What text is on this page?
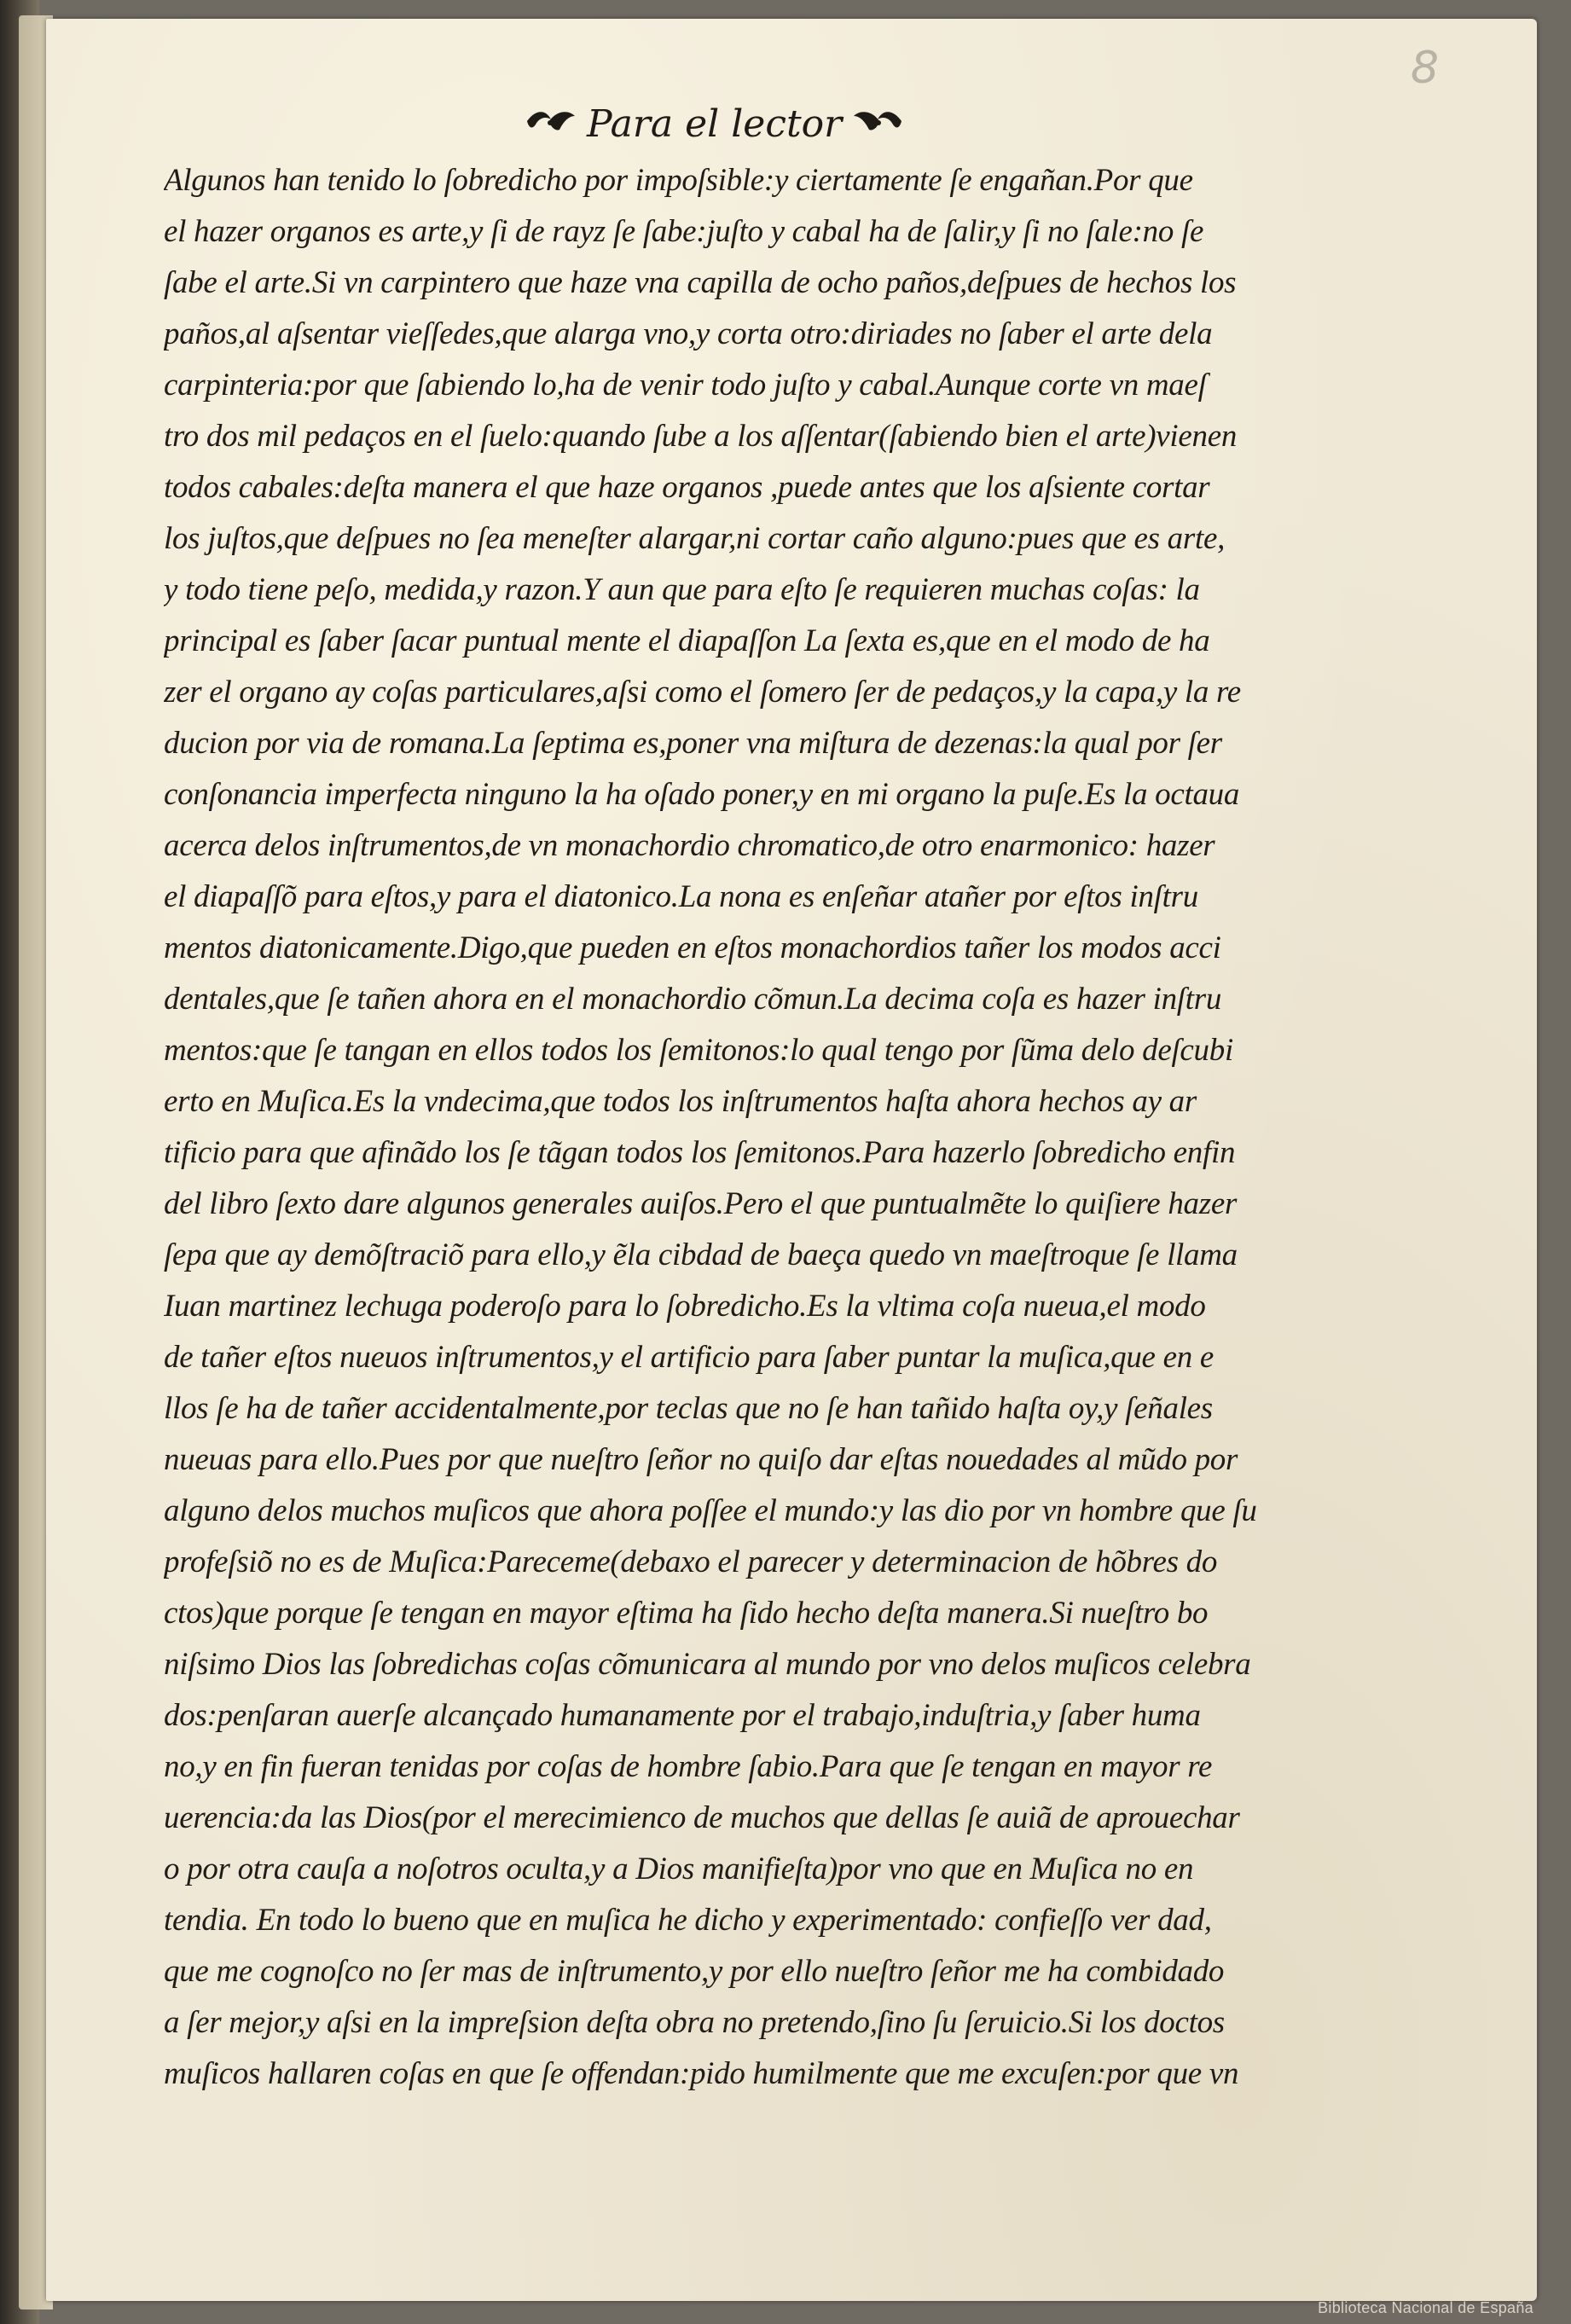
8
Para el lector
Algunos han tenido lo ſobredicho por impoſsible:y ciertamente ſe engañan.Por que
el hazer organos es arte,y ſi de rayz ſe ſabe:juſto y cabal ha de ſalir,y ſi no ſale:no ſe
ſabe el arte.Si vn carpintero que haze vna capilla de ocho paños,deſpues de hechos los
paños,al aſsentar vieſſedes,que alarga vno,y corta otro:diriades no ſaber el arte dela
carpinteria:por que ſabiendo lo,ha de venir todo juſto y cabal.Aunque corte vn maeſ
tro dos mil pedaços en el ſuelo:quando ſube a los aſſentar(ſabiendo bien el arte)vienen
todos cabales:deſta manera el que haze organos ,puede antes que los aſsiente cortar
los juſtos,que deſpues no ſea meneſter alargar,ni cortar caño alguno:pues que es arte,
y todo tiene peſo, medida,y razon.Y aun que para eſto ſe requieren muchas coſas: la
principal es ſaber ſacar puntual mente el diapaſſon La ſexta es,que en el modo de ha
zer el organo ay coſas particulares,aſsi como el ſomero ſer de pedaços,y la capa,y la re
ducion por via de romana.La ſeptima es,poner vna miſtura de dezenas:la qual por ſer
conſonancia imperfecta ninguno la ha oſado poner,y en mi organo la puſe.Es la octaua
acerca delos inſtrumentos,de vn monachordio chromatico,de otro enarmonico: hazer
el diapaſſõ para eſtos,y para el diatonico.La nona es enſeñar atañer por eſtos inſtru
mentos diatonicamente.Digo,que pueden en eſtos monachordios tañer los modos acci
dentales,que ſe tañen ahora en el monachordio cõmun.La decima coſa es hazer inſtru
mentos:que ſe tangan en ellos todos los ſemitonos:lo qual tengo por ſũma delo deſcubi
erto en Muſica.Es la vndecima,que todos los inſtrumentos haſta ahora hechos ay ar
tificio para que afinãdo los ſe tãgan todos los ſemitonos.Para hazerlo ſobredicho enfin
del libro ſexto dare algunos generales auiſos.Pero el que puntualmẽte lo quiſiere hazer
ſepa que ay demõſtraciõ para ello,y ẽla cibdad de baeça quedo vn maeſtroque ſe llama
Iuan martinez lechuga poderoſo para lo ſobredicho.Es la vltima coſa nueua,el modo
de tañer eſtos nueuos inſtrumentos,y el artificio para ſaber puntar la muſica,que en e
llos ſe ha de tañer accidentalmente,por teclas que no ſe han tañido haſta oy,y ſeñales
nueuas para ello.Pues por que nueſtro ſeñor no quiſo dar eſtas nouedades al mũdo por
alguno delos muchos muſicos que ahora poſſee el mundo:y las dio por vn hombre que ſu
profeſsiõ no es de Muſica:Pareceme(debaxo el parecer y determinacion de hõbres do
ctos)que porque ſe tengan en mayor eſtima ha ſido hecho deſta manera.Si nueſtro bo
niſsimo Dios las ſobredichas coſas cõmunicara al mundo por vno delos muſicos celebra
dos:penſaran auerſe alcançado humanamente por el trabajo,induſtria,y ſaber huma
no,y en fin fueran tenidas por coſas de hombre ſabio.Para que ſe tengan en mayor re
uerencia:da las Dios(por el merecimienco de muchos que dellas ſe auiã de aprouechar
o por otra cauſa a noſotros oculta,y a Dios manifieſta)por vno que en Muſica no en
tendia. En todo lo bueno que en muſica he dicho y experimentado: confieſſo ver dad,
que me cognoſco no ſer mas de inſtrumento,y por ello nueſtro ſeñor me ha combidado
a ſer mejor,y aſsi en la impreſsion deſta obra no pretendo,ſino ſu ſeruicio.Si los doctos
muſicos hallaren coſas en que ſe offendan:pido humilmente que me excuſen:por que vn
Biblioteca Nacional de España
